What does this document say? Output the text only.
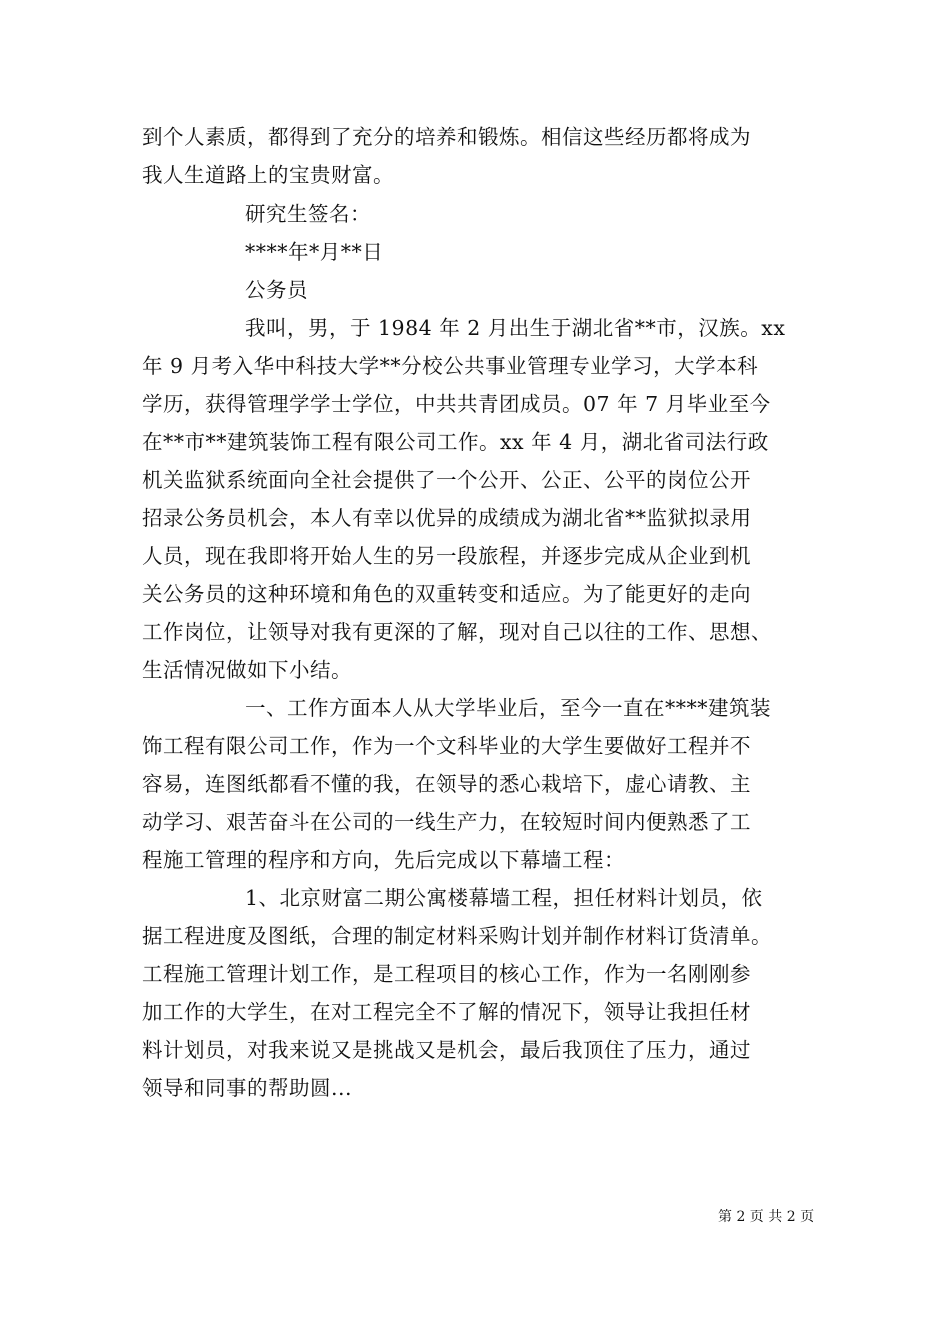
到个人素质，都得到了充分的培养和锻炼。相信这些经历都将成为
我人生道路上的宝贵财富。
研究生签名：
****年*月**日
公务员
我叫，男，于 1984 年 2 月出生于湖北省**市，汉族。xx
年 9 月考入华中科技大学**分校公共事业管理专业学习，大学本科
学历，获得管理学学士学位，中共共青团成员。07 年 7 月毕业至今
在**市**建筑装饰工程有限公司工作。xx 年 4 月，湖北省司法行政
机关监狱系统面向全社会提供了一个公开、公正、公平的岗位公开
招录公务员机会，本人有幸以优异的成绩成为湖北省**监狱拟录用
人员，现在我即将开始人生的另一段旅程，并逐步完成从企业到机
关公务员的这种环境和角色的双重转变和适应。为了能更好的走向
工作岗位，让领导对我有更深的了解，现对自己以往的工作、思想、
生活情况做如下小结。
一、工作方面本人从大学毕业后，至今一直在****建筑装
饰工程有限公司工作，作为一个文科毕业的大学生要做好工程并不
容易，连图纸都看不懂的我，在领导的悉心栽培下，虚心请教、主
动学习、艰苦奋斗在公司的一线生产力，在较短时间内便熟悉了工
程施工管理的程序和方向，先后完成以下幕墙工程：
1、北京财富二期公寓楼幕墙工程，担任材料计划员，依
据工程进度及图纸，合理的制定材料采购计划并制作材料订货清单。
工程施工管理计划工作，是工程项目的核心工作，作为一名刚刚参
加工作的大学生，在对工程完全不了解的情况下，领导让我担任材
料计划员，对我来说又是挑战又是机会，最后我顶住了压力，通过
领导和同事的帮助圆...
第 2 页 共 2 页
